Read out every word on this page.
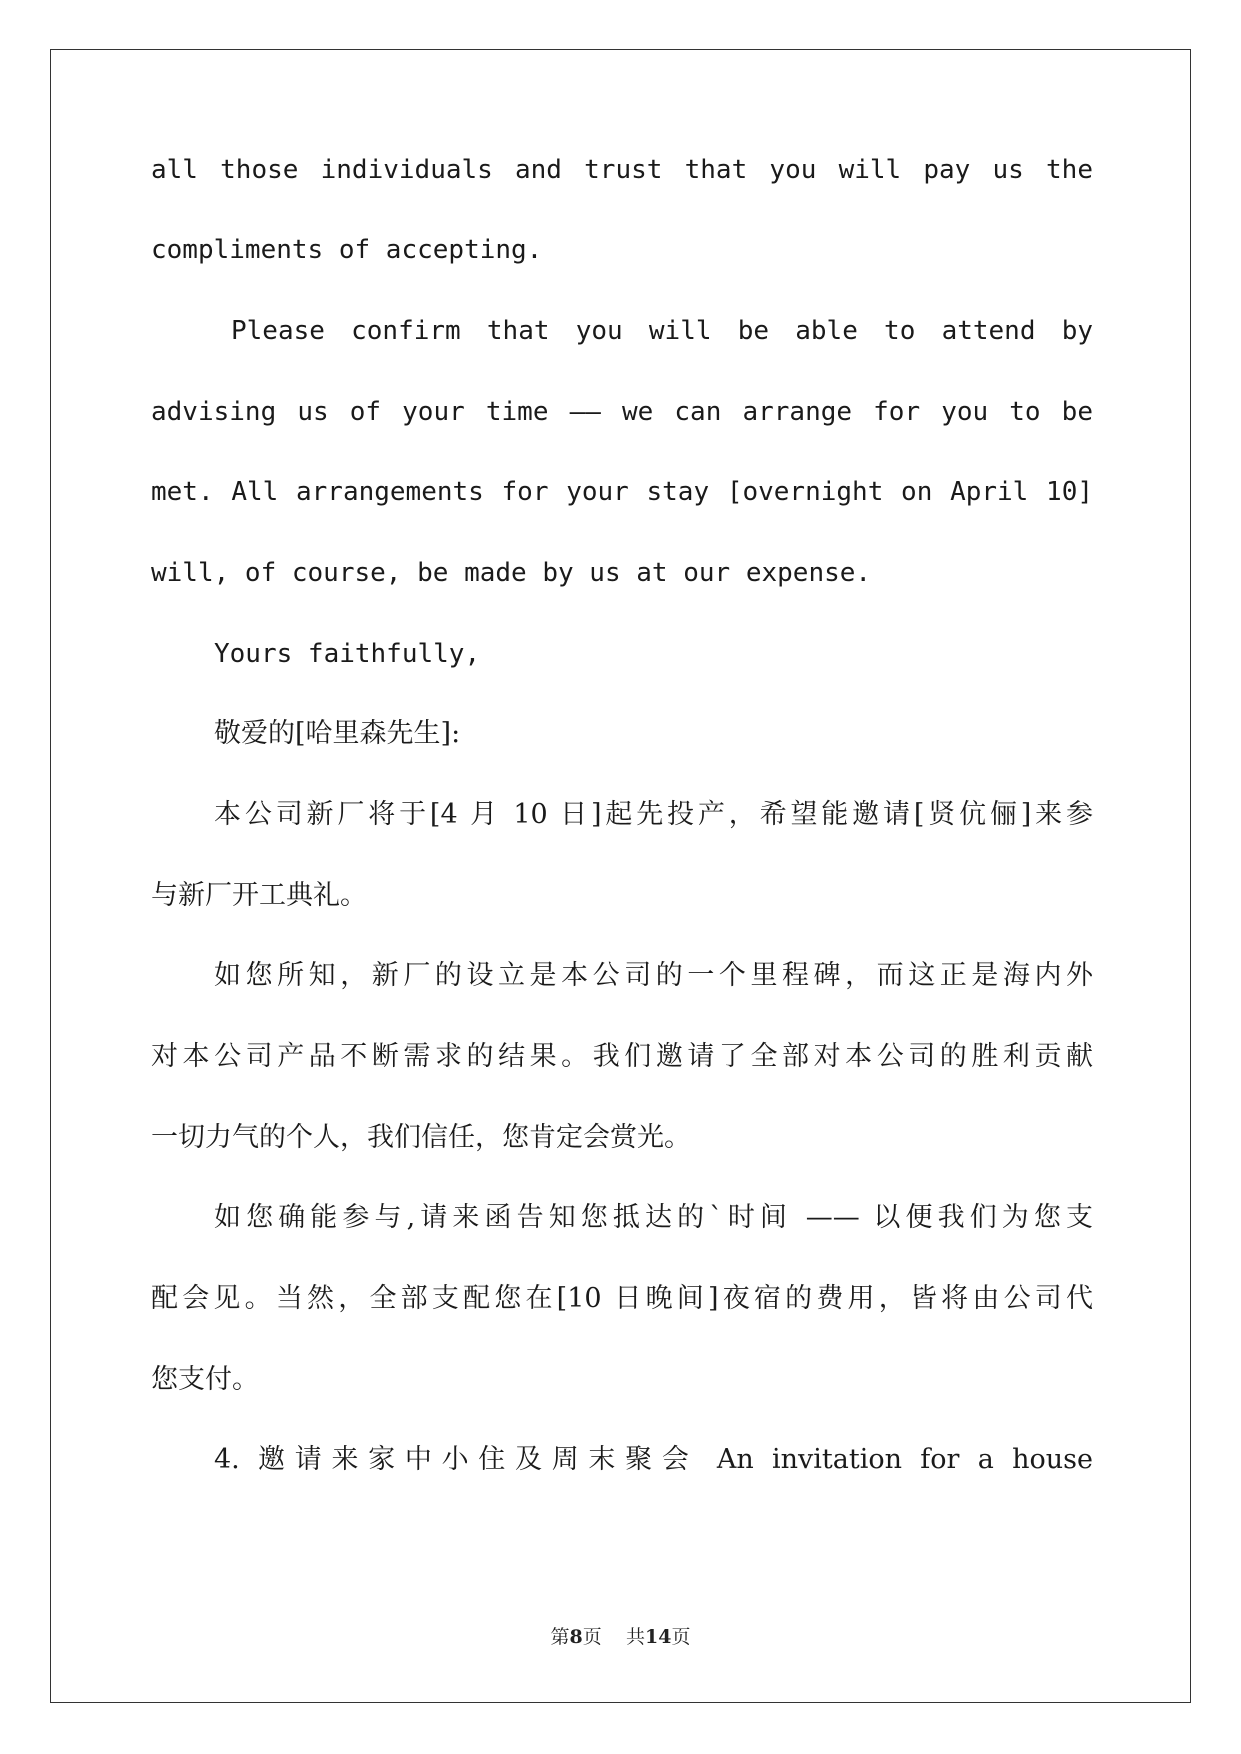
all those individuals and trust that you will pay us the
compliments of accepting.
Please confirm that you will be able to attend by
advising us of your time —— we can arrange for you to be
met. All arrangements for your stay [overnight on April 10]
will, of course, be made by us at our expense.
Yours faithfully,
敬爱的[哈里森先生]:
本公司新厂将于[4 月 10 日]起先投产，希望能邀请[贤伉俪]来参
与新厂开工典礼。
如您所知，新厂的设立是本公司的一个里程碑，而这正是海内外
对本公司产品不断需求的结果。我们邀请了全部对本公司的胜利贡献
一切力气的个人，我们信任，您肯定会赏光。
如您确能参与,请来函告知您抵达的`时间 —— 以便我们为您支
配会见。当然，全部支配您在[10 日晚间]夜宿的费用，皆将由公司代
您支付。
4. 邀请来家中小住及周末聚会 An invitation for a house
第8页 共14页
